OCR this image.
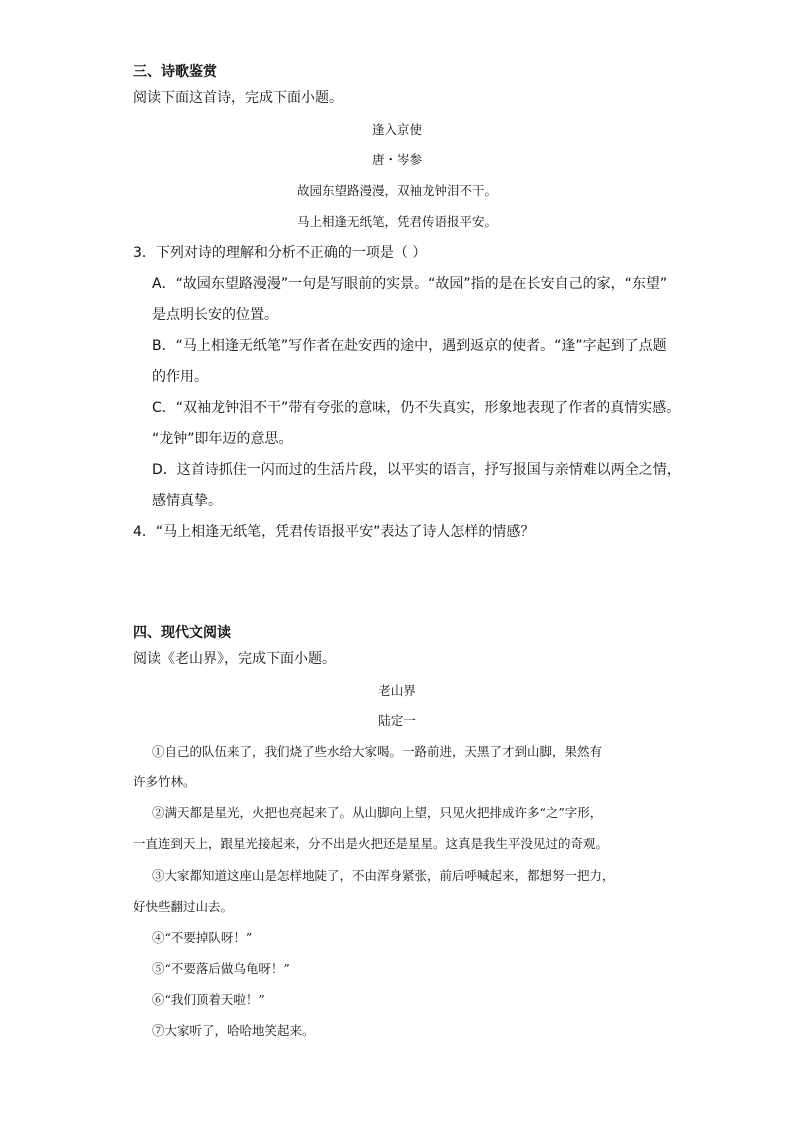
三、诗歌鉴赏
阅读下面这首诗，完成下面小题。
逢入京使
唐・岑参
故园东望路漫漫，双袖龙钟泪不干。
马上相逢无纸笔，凭君传语报平安。
3．下列对诗的理解和分析不正确的一项是（ ）
A．“故园东望路漫漫”一句是写眼前的实景。“故园”指的是在长安自己的家，“东望”
是点明长安的位置。
B．“马上相逢无纸笔”写作者在赴安西的途中，遇到返京的使者。“逢”字起到了点题
的作用。
C．“双袖龙钟泪不干”带有夸张的意味，仍不失真实，形象地表现了作者的真情实感。
“龙钟”即年迈的意思。
D．这首诗抓住一闪而过的生活片段，以平实的语言，抒写报国与亲情难以两全之情，
感情真挚。
4．“马上相逢无纸笔，凭君传语报平安”表达了诗人怎样的情感？
四、现代文阅读
阅读《老山界》，完成下面小题。
老山界
陆定一
①自己的队伍来了，我们烧了些水给大家喝。一路前进，天黑了才到山脚，果然有
许多竹林。
②满天都是星光，火把也亮起来了。从山脚向上望，只见火把排成许多“之”字形，
一直连到天上，跟星光接起来，分不出是火把还是星星。这真是我生平没见过的奇观。
③大家都知道这座山是怎样地陡了，不由浑身紧张，前后呼喊起来，都想努一把力，
好快些翻过山去。
④“不要掉队呀！”
⑤“不要落后做乌龟呀！”
⑥“我们顶着天啦！”
⑦大家听了，哈哈地笑起来。
